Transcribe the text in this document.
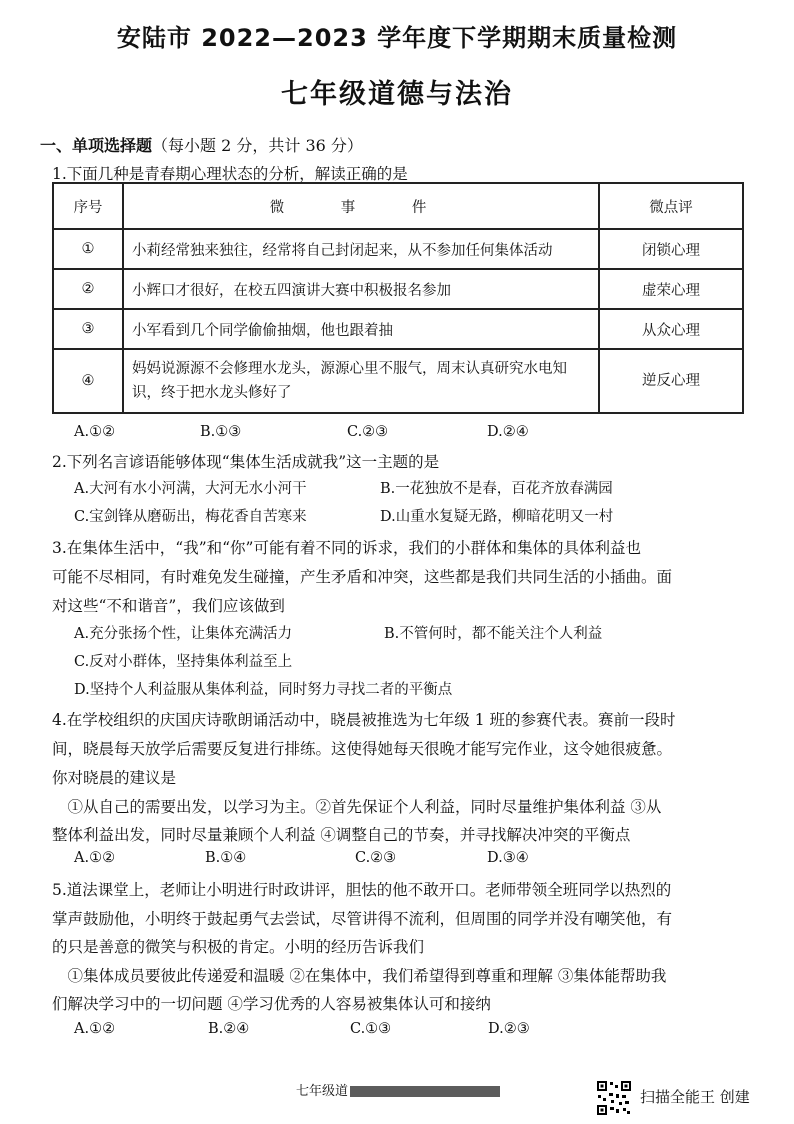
安陆市 2022—2023 学年度下学期期末质量检测
七年级道德与法治
一、单项选择题（每小题 2 分，共计 36 分）
1.下面几种是青春期心理状态的分析，解读正确的是
序号	微 事 件	微点评
①	小莉经常独来独往，经常将自己封闭起来，从不参加任何集体活动	闭锁心理
②	小辉口才很好，在校五四演讲大赛中积极报名参加	虚荣心理
③	小军看到几个同学偷偷抽烟，他也跟着抽	从众心理
④	妈妈说源源不会修理水龙头，源源心里不服气，周末认真研究水电知识，终于把水龙头修好了	逆反心理
A.①②	B.①③	C.②③	D.②④
2.下列名言谚语能够体现“集体生活成就我”这一主题的是
A.大河有水小河满，大河无水小河干	B.一花独放不是春，百花齐放春满园
C.宝剑锋从磨砺出，梅花香自苦寒来	D.山重水复疑无路，柳暗花明又一村
3.在集体生活中，“我”和“你”可能有着不同的诉求，我们的小群体和集体的具体利益也
可能不尽相同，有时难免发生碰撞，产生矛盾和冲突，这些都是我们共同生活的小插曲。面
对这些“不和谐音”，我们应该做到
A.充分张扬个性，让集体充满活力	B.不管何时，都不能关注个人利益
C.反对小群体，坚持集体利益至上
D.坚持个人利益服从集体利益，同时努力寻找二者的平衡点
4.在学校组织的庆国庆诗歌朗诵活动中，晓晨被推选为七年级 1 班的参赛代表。赛前一段时
间，晓晨每天放学后需要反复进行排练。这使得她每天很晚才能写完作业，这令她很疲惫。
你对晓晨的建议是
　①从自己的需要出发，以学习为主。②首先保证个人利益，同时尽量维护集体利益 ③从
整体利益出发，同时尽量兼顾个人利益 ④调整自己的节奏，并寻找解决冲突的平衡点
A.①②	B.①④	C.②③	D.③④
5.道法课堂上，老师让小明进行时政讲评，胆怯的他不敢开口。老师带领全班同学以热烈的
掌声鼓励他，小明终于鼓起勇气去尝试，尽管讲得不流利，但周围的同学并没有嘲笑他，有
的只是善意的微笑与积极的肯定。小明的经历告诉我们
　①集体成员要彼此传递爱和温暖 ②在集体中，我们希望得到尊重和理解 ③集体能帮助我
们解决学习中的一切问题 ④学习优秀的人容易被集体认可和接纳
A.①②	B.②④	C.①③	D.②③
七年级道	扫描全能王 创建
